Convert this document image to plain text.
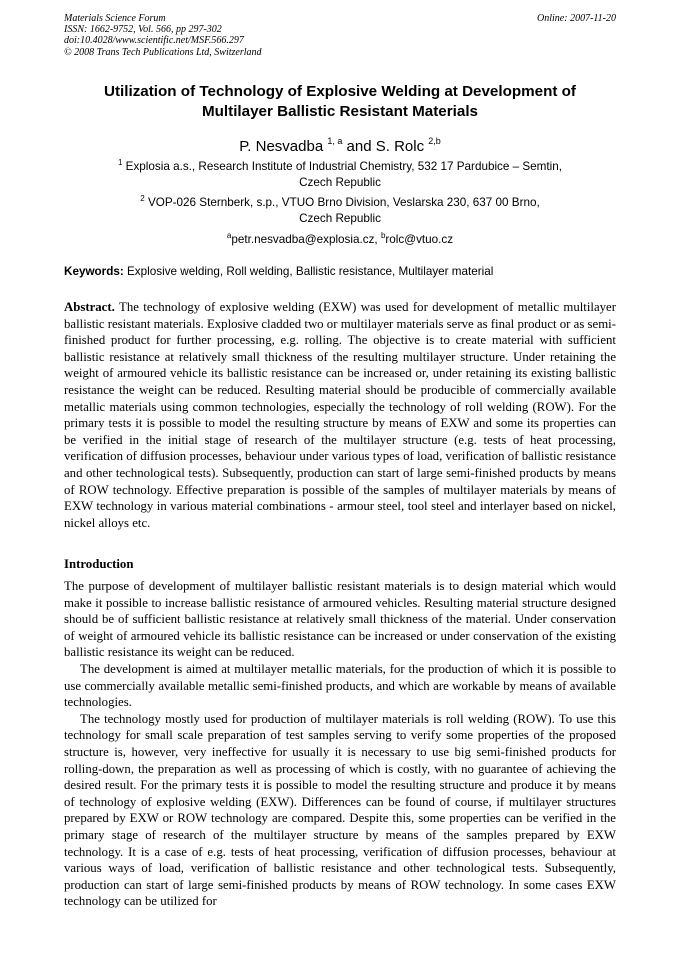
Materials Science Forum
ISSN: 1662-9752, Vol. 566, pp 297-302
doi:10.4028/www.scientific.net/MSF.566.297
© 2008 Trans Tech Publications Ltd, Switzerland
Online: 2007-11-20
Utilization of Technology of Explosive Welding at Development of
Multilayer Ballistic Resistant Materials
P. Nesvadba $^{1, a}$ and S. Rolc $^{2,b}$
$^1$ Explosia a.s., Research Institute of Industrial Chemistry, 532 17 Pardubice – Semtin,
Czech Republic
$^2$ VOP-026 Sternberk, s.p., VTUO Brno Division, Veslarska 230, 637 00 Brno,
Czech Republic
$^a$petr.nesvadba@explosia.cz, $^b$rolc@vtuo.cz
Keywords: Explosive welding, Roll welding, Ballistic resistance, Multilayer material

Abstract. The technology of explosive welding (EXW) was used for development of metallic multilayer ballistic resistant materials. Explosive cladded two or multilayer materials serve as final product or as semi-finished product for further processing, e.g. rolling. The objective is to create material with sufficient ballistic resistance at relatively small thickness of the resulting multilayer structure. Under retaining the weight of armoured vehicle its ballistic resistance can be increased or, under retaining its existing ballistic resistance the weight can be reduced. Resulting material should be producible of commercially available metallic materials using common technologies, especially the technology of roll welding (ROW). For the primary tests it is possible to model the resulting structure by means of EXW and some its properties can be verified in the initial stage of research of the multilayer structure (e.g. tests of heat processing, verification of diffusion processes, behaviour under various types of load, verification of ballistic resistance and other technological tests). Subsequently, production can start of large semi-finished products by means of ROW technology. Effective preparation is possible of the samples of multilayer materials by means of EXW technology in various material combinations - armour steel, tool steel and interlayer based on nickel, nickel alloys etc.

Introduction

The purpose of development of multilayer ballistic resistant materials is to design material which would make it possible to increase ballistic resistance of armoured vehicles. Resulting material structure designed should be of sufficient ballistic resistance at relatively small thickness of the material. Under conservation of weight of armoured vehicle its ballistic resistance can be increased or under conservation of the existing ballistic resistance its weight can be reduced.

The development is aimed at multilayer metallic materials, for the production of which it is possible to use commercially available metallic semi-finished products, and which are workable by means of available technologies.

The technology mostly used for production of multilayer materials is roll welding (ROW). To use this technology for small scale preparation of test samples serving to verify some properties of the proposed structure is, however, very ineffective for usually it is necessary to use big semi-finished products for rolling-down, the preparation as well as processing of which is costly, with no guarantee of achieving the desired result. For the primary tests it is possible to model the resulting structure and produce it by means of technology of explosive welding (EXW). Differences can be found of course, if multilayer structures prepared by EXW or ROW technology are compared. Despite this, some properties can be verified in the primary stage of research of the multilayer structure by means of the samples prepared by EXW technology. It is a case of e.g. tests of heat processing, verification of diffusion processes, behaviour at various ways of load, verification of ballistic resistance and other technological tests. Subsequently, production can start of large semi-finished products by means of ROW technology. In some cases EXW technology can be utilized for
